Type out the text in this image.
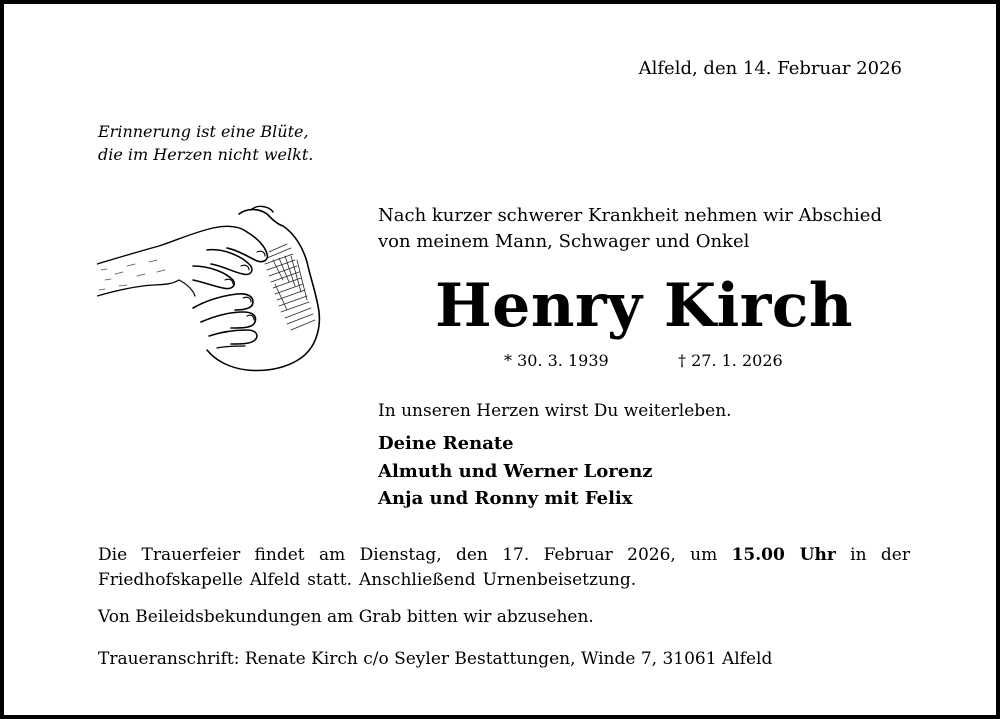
Alfeld, den 14. Februar 2026
Erinnerung ist eine Blüte,
die im Herzen nicht welkt.
Nach kurzer schwerer Krankheit nehmen wir Abschied
von meinem Mann, Schwager und Onkel
Henry Kirch
* 30. 3. 1939	† 27. 1. 2026
In unseren Herzen wirst Du weiterleben.
Deine Renate
Almuth und Werner Lorenz
Anja und Ronny mit Felix
Die Trauerfeier findet am Dienstag, den 17. Februar 2026, um 15.00 Uhr in der Friedhofskapelle Alfeld statt. Anschließend Urnenbeisetzung.
Von Beileidsbekundungen am Grab bitten wir abzusehen.
Traueranschrift: Renate Kirch c/o Seyler Bestattungen, Winde 7, 31061 Alfeld
